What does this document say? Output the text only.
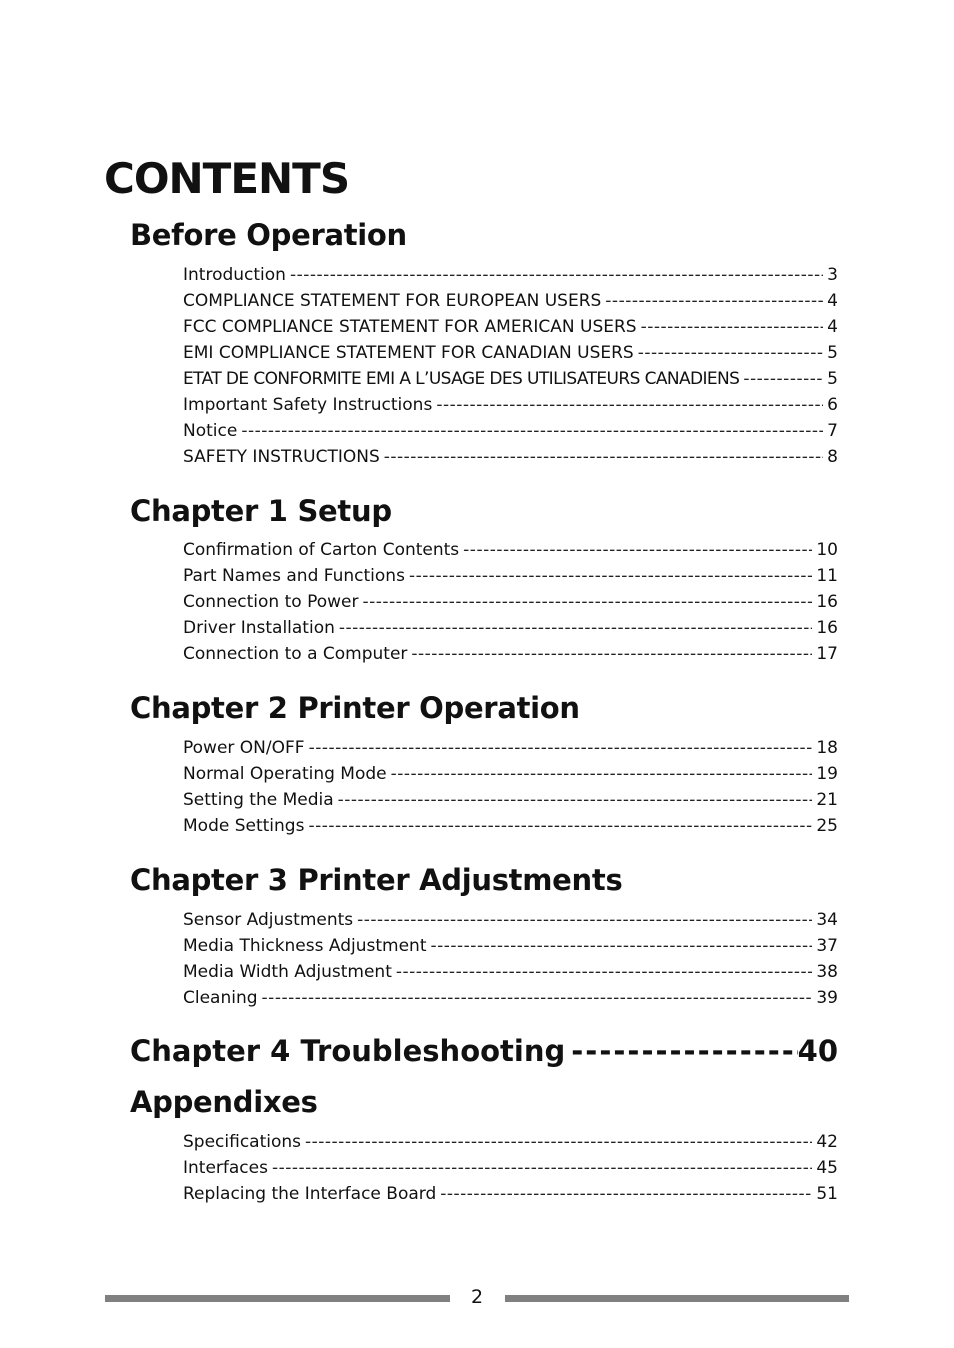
CONTENTS
Before Operation
Introduction -----	3
COMPLIANCE STATEMENT FOR EUROPEAN USERS -----	4
FCC COMPLIANCE STATEMENT FOR AMERICAN USERS -----	4
EMI COMPLIANCE STATEMENT FOR CANADIAN USERS -----	5
ETAT DE CONFORMITE EMI A L’USAGE DES UTILISATEURS CANADIENS -----	5
Important Safety Instructions -----	6
Notice -----	7
SAFETY INSTRUCTIONS -----	8
Chapter 1 Setup
Confirmation of Carton Contents -----	10
Part Names and Functions -----	11
Connection to Power -----	16
Driver Installation -----	16
Connection to a Computer -----	17
Chapter 2 Printer Operation
Power ON/OFF -----	18
Normal Operating Mode -----	19
Setting the Media -----	21
Mode Settings -----	25
Chapter 3 Printer Adjustments
Sensor Adjustments -----	34
Media Thickness Adjustment -----	37
Media Width Adjustment -----	38
Cleaning -----	39
Chapter 4 Troubleshooting -----	40
Appendixes
Specifications -----	42
Interfaces -----	45
Replacing the Interface Board -----	51
2
